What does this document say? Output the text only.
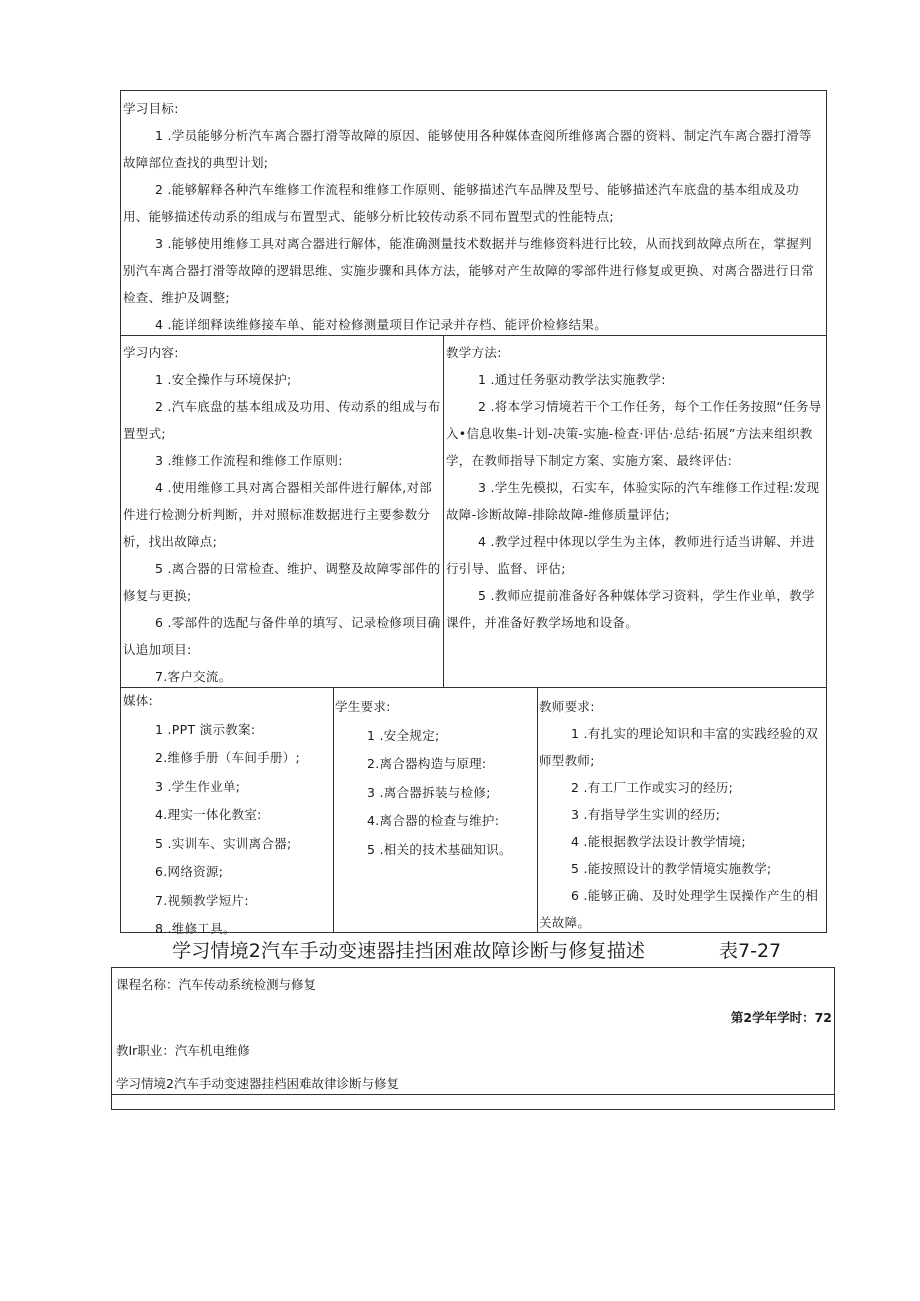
学习目标:

1 .学员能够分析汽车离合器打滑等故障的原因、能够使用各种媒体查阅所维修离合器的资料、制定汽车离合器打滑等故障部位查找的典型计划;

2 .能够解释各种汽车维修工作流程和维修工作原则、能够描述汽车品牌及型号、能够描述汽车底盘的基本组成及功用、能够描述传动系的组成与布置型式、能够分析比较传动系不同布置型式的性能特点;

3 .能够使用维修工具对离合器进行解体，能准确测量技术数据并与维修资料进行比较，从而找到故障点所在，掌握判别汽车离合器打滑等故障的逻辑思维、实施步骤和具体方法，能够对产生故障的零部件进行修复或更换、对离合器进行日常检查、维护及调整;

4 .能详细释读维修接车单、能对检修测量项目作记录并存档、能评价检修结果。

学习内容:

1 .安全操作与环境保护;

2 .汽车底盘的基本组成及功用、传动系的组成与布置型式;

3 .维修工作流程和维修工作原则:

4 .使用维修工具对离合器相关部件进行解体,对部件进行检测分析判断，并对照标准数据进行主要参数分析，找出故障点;

5 .离合器的日常检查、维护、调整及故障零部件的修复与更换;

6 .零部件的选配与备件单的填写、记录检修项目确认追加项目:

7.客户交流。

教学方法:

1 .通过任务驱动教学法实施教学:

2 .将本学习情境若干个工作任务，每个工作任务按照“任务导入•信息收集-计划-决策-实施-检查·评估·总结·拓展”方法来组织教学，在教师指导下制定方案、实施方案、最终评估:

3 .学生先模拟，石实车，体验实际的汽车维修工作过程:发现故障-诊断故障-排除故障-维修质量评估;

4 .教学过程中体现以学生为主体，教师进行适当讲解、并进行引导、监督、评估;

5 .教师应提前准备好各种媒体学习资料，学生作业单，教学课件，并准备好教学场地和设备。

媒体:

1 .PPT 演示教案:

2.维修手册（车间手册）;

3 .学生作业单;

4.理实一体化教室:

5 .实训车、实训离合器;

6.网络资源;

7.视频教学短片:

8 .维修工具。

学生要求:

1 .安全规定;

2.离合器构造与原理:

3 .离合器拆装与检修;

4.离合器的检查与维护:

5 .相关的技术基础知识。

教师要求:

1 .有扎实的理论知识和丰富的实践经验的双师型教师;

2 .有工厂工作或实习的经历;

3 .有指导学生实训的经历;

4 .能根据教学法设计教学情境;

5 .能按照设计的教学情境实施教学;

6 .能够正确、及时处理学生误操作产生的相关故障。

学习情境2汽车手动变速器挂挡困难故障诊断与修复描述	表7-27
课程名称：汽车传动系统检测与修复
第2学年学时：72
教Ir职业：汽车机电维修
学习情境2汽车手动变速器挂档困难故律诊断与修复
